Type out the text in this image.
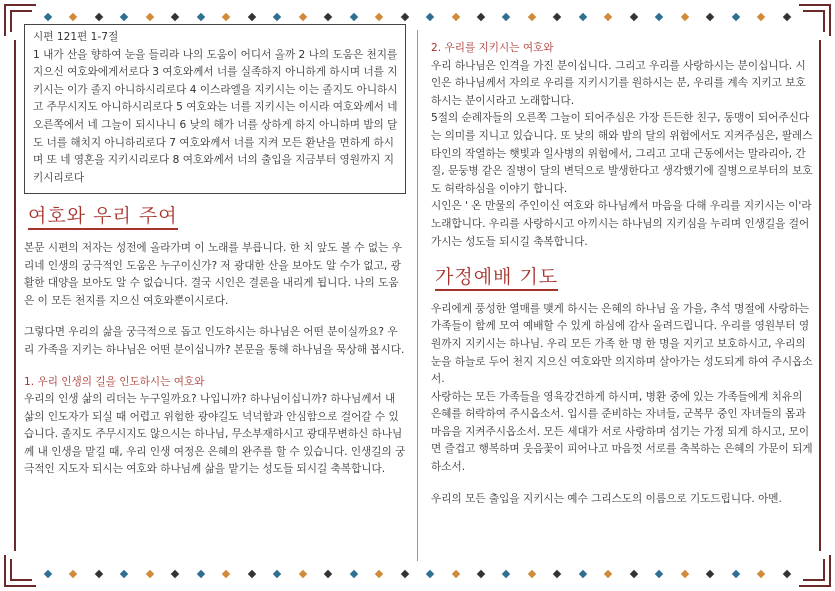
시편 121편 1-7절

1 내가 산을 향하여 눈을 들리라 나의 도움이 어디서 올까 2 나의 도움은 천지를 지으신 여호와에게서로다 3 여호와께서 너를 실족하지 아니하게 하시며 너를 지키시는 이가 졸지 아니하시리로다 4 이스라엘을 지키시는 이는 졸지도 아니하시고 주무시지도 아니하시리로다 5 여호와는 너를 지키시는 이시라 여호와께서 네 오른쪽에서 네 그늘이 되시나니 6 낮의 해가 너를 상하게 하지 아니하며 밤의 달도 너를 해치지 아니하리로다 7 여호와께서 너를 지켜 모든 환난을 면하게 하시며 또 네 영혼을 지키시리로다 8 여호와께서 너의 출입을 지금부터 영원까지 지키시리로다

여호와 우리 주여

본문 시편의 저자는 성전에 올라가며 이 노래를 부릅니다. 한 치 앞도 볼 수 없는 우리네 인생의 궁극적인 도움은 누구이신가? 저 광대한 산을 보아도 알 수가 없고, 광활한 대양을 보아도 알 수 없습니다. 결국 시인은 결론을 내리게 됩니다. 나의 도움은 이 모든 천지를 지으신 여호와뿐이시로다.

그렇다면 우리의 삶을 궁극적으로 돕고 인도하시는 하나님은 어떤 분이실까요? 우리 가족을 지키는 하나님은 어떤 분이십니까? 본문을 통해 하나님을 묵상해 봅시다.

1. 우리 인생의 길을 인도하시는 여호와

우리의 인생 삶의 리더는 누구일까요? 나입니까? 하나님이십니까? 하나님께서 내 삶의 인도자가 되실 때 어렵고 위험한 광야길도 넉넉함과 안심함으로 걸어갈 수 있습니다. 졸지도 주무시지도 않으시는 하나님, 무소부재하시고 광대무변하신 하나님께 내 인생을 맡길 때, 우리 인생 여정은 은혜의 완주를 할 수 있습니다. 인생길의 궁극적인 지도자 되시는 여호와 하나님께 삶을 맡기는 성도들 되시길 축복합니다.

2. 우리를 지키시는 여호와

우리 하나님은 인격을 가진 분이십니다. 그리고 우리를 사랑하시는 분이십니다. 시인은 하나님께서 자의로 우리를 지키시기를 원하시는 분, 우리를 계속 지키고 보호하시는 분이시라고 노래합니다.

5절의 순례자들의 오른쪽 그늘이 되어주심은 가장 든든한 친구, 동맹이 되어주신다는 의미를 지니고 있습니다. 또 낮의 해와 밤의 달의 위험에서도 지켜주심은, 팔레스타인의 작열하는 햇빛과 일사병의 위험에서, 그리고 고대 근동에서는 말라리아, 간질, 문둥병 같은 질병이 달의 변덕으로 발생한다고 생각했기에 질병으로부터의 보호도 허락하심을 이야기 합니다.

시인은 ' 온 만물의 주인이신 여호와 하나님께서 마음을 다해 우리를 지키시는 이'라 노래합니다. 우리를 사랑하시고 아끼시는 하나님의 지키심을 누리며 인생길을 걸어가시는 성도들 되시길 축복합니다.

가정예배 기도

우리에게 풍성한 열매를 맺게 하시는 은혜의 하나님 올 가을, 추석 명절에 사랑하는 가족들이 함께 모여 예배할 수 있게 하심에 감사 올려드립니다. 우리를 영원부터 영원까지 지키시는 하나님. 우리 모든 가족 한 명 한 명을 지키고 보호하시고, 우리의 눈을 하늘로 두어 천지 지으신 여호와만 의지하며 살아가는 성도되게 하여 주시옵소서.

사랑하는 모든 가족들을 영육강건하게 하시며, 병환 중에 있는 가족들에게 치유의 은혜를 허락하여 주시옵소서. 입시를 준비하는 자녀들, 군복무 중인 자녀들의 몸과 마음을 지켜주시옵소서. 모든 세대가 서로 사랑하며 섬기는 가정 되게 하시고, 모이면 즐겁고 행복하며 웃음꽃이 피어나고 마음껏 서로를 축복하는 은혜의 가문이 되게 하소서.

우리의 모든 출입을 지키시는 예수 그리스도의 이름으로 기도드립니다. 아멘.
